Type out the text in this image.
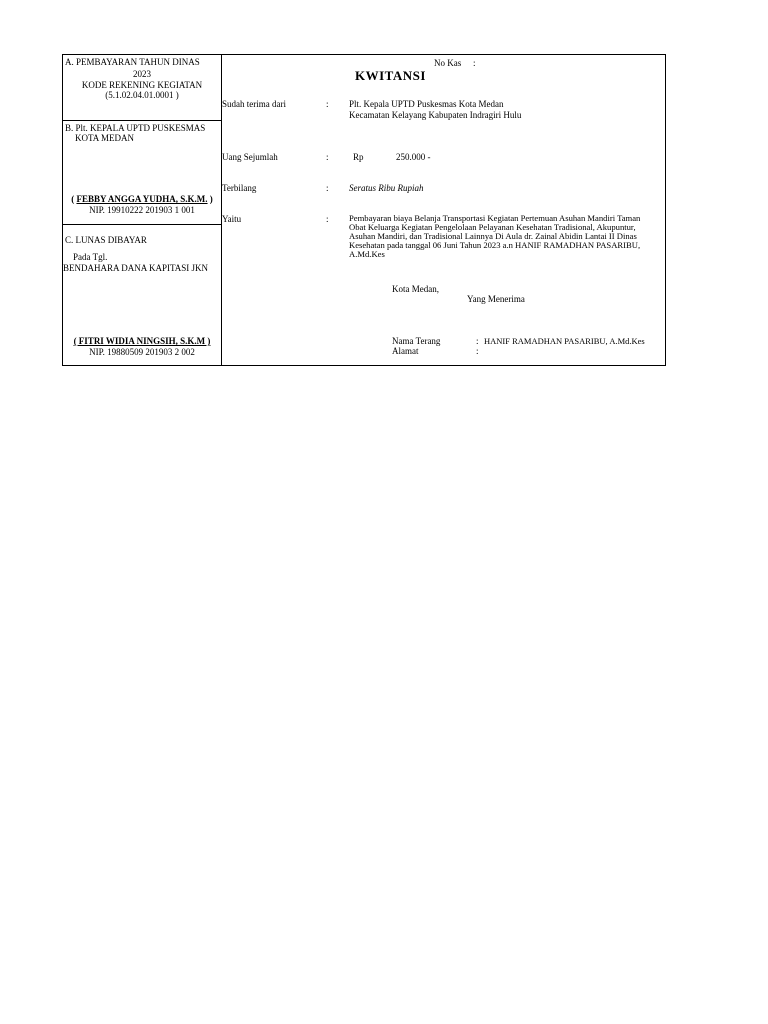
A. PEMBAYARAN TAHUN DINAS
2023
KODE REKENING KEGIATAN
(5.1.02.04.01.0001 )
B. Plt. KEPALA UPTD PUSKESMAS
KOTA MEDAN
( FEBBY ANGGA YUDHA, S.K.M. )
NIP. 19910222 201903 1 001
C. LUNAS DIBAYAR
Pada Tgl.
BENDAHARA DANA KAPITASI JKN
( FITRI WIDIA NINGSIH, S.K.M )
NIP. 19880509 201903 2 002
No Kas :
KWITANSI
Sudah terima dari	: Plt. Kepala UPTD Puskesmas Kota Medan
Kecamatan Kelayang Kabupaten Indragiri Hulu
Uang Sejumlah	:	Rp	250.000 -
Terbilang	: Seratus Ribu Rupiah
Yaitu	: Pembayaran biaya Belanja Transportasi Kegiatan Pertemuan Asuhan Mandiri Taman Obat Keluarga Kegiatan Pengelolaan Pelayanan Kesehatan Tradisional, Akupuntur, Asuhan Mandiri, dan Tradisional Lainnya Di Aula dr. Zainal Abidin Lantai II Dinas Kesehatan pada tanggal 06 Juni Tahun 2023 a.n HANIF RAMADHAN PASARIBU, A.Md.Kes
Kota Medan,
Yang Menerima
Nama Terang	: HANIF RAMADHAN PASARIBU, A.Md.Kes
Alamat	:
